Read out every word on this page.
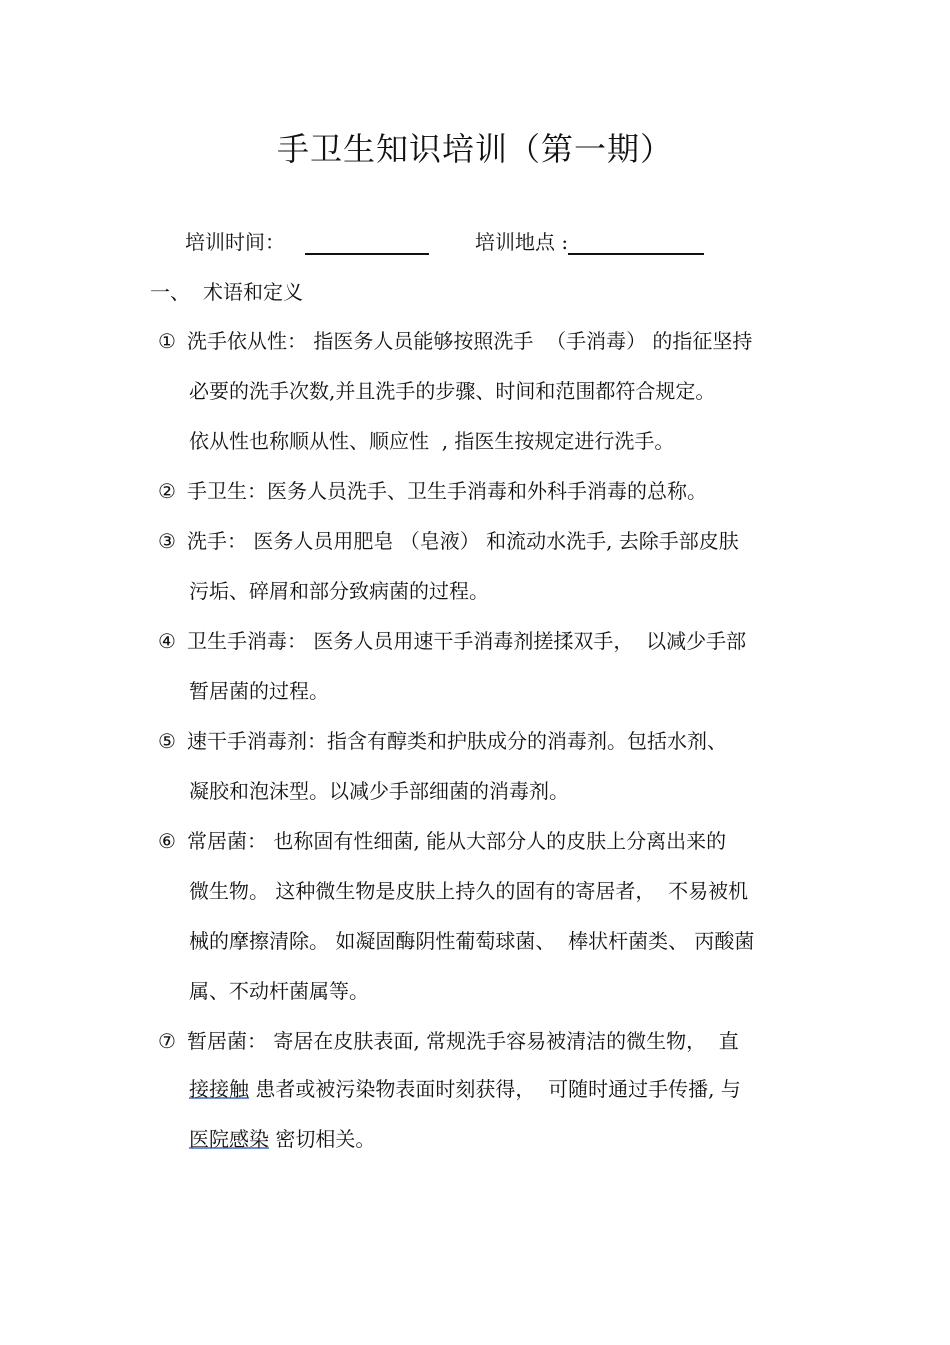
手卫生知识培训（第一期）
培训时间：	培训地点 :
一、 术语和定义
① 洗手依从性： 指医务人员能够按照洗手  （手消毒） 的指征坚持
必要的洗手次数,并且洗手的步骤、时间和范围都符合规定。
依从性也称顺从性、顺应性  , 指医生按规定进行洗手。
② 手卫生：医务人员洗手、卫生手消毒和外科手消毒的总称。
③ 洗手： 医务人员用肥皂 （皂液） 和流动水洗手, 去除手部皮肤
污垢、碎屑和部分致病菌的过程。
④ 卫生手消毒： 医务人员用速干手消毒剂搓揉双手，  以减少手部
暂居菌的过程。
⑤ 速干手消毒剂：指含有醇类和护肤成分的消毒剂。包括水剂、
凝胶和泡沫型。以减少手部细菌的消毒剂。
⑥ 常居菌： 也称固有性细菌, 能从大部分人的皮肤上分离出来的
微生物。 这种微生物是皮肤上持久的固有的寄居者，  不易被机
械的摩擦清除。 如凝固酶阴性葡萄球菌、  棒状杆菌类、 丙酸菌
属、不动杆菌属等。
⑦ 暂居菌： 寄居在皮肤表面, 常规洗手容易被清洁的微生物，  直
接接触 患者或被污染物表面时刻获得，  可随时通过手传播, 与
医院感染 密切相关。
